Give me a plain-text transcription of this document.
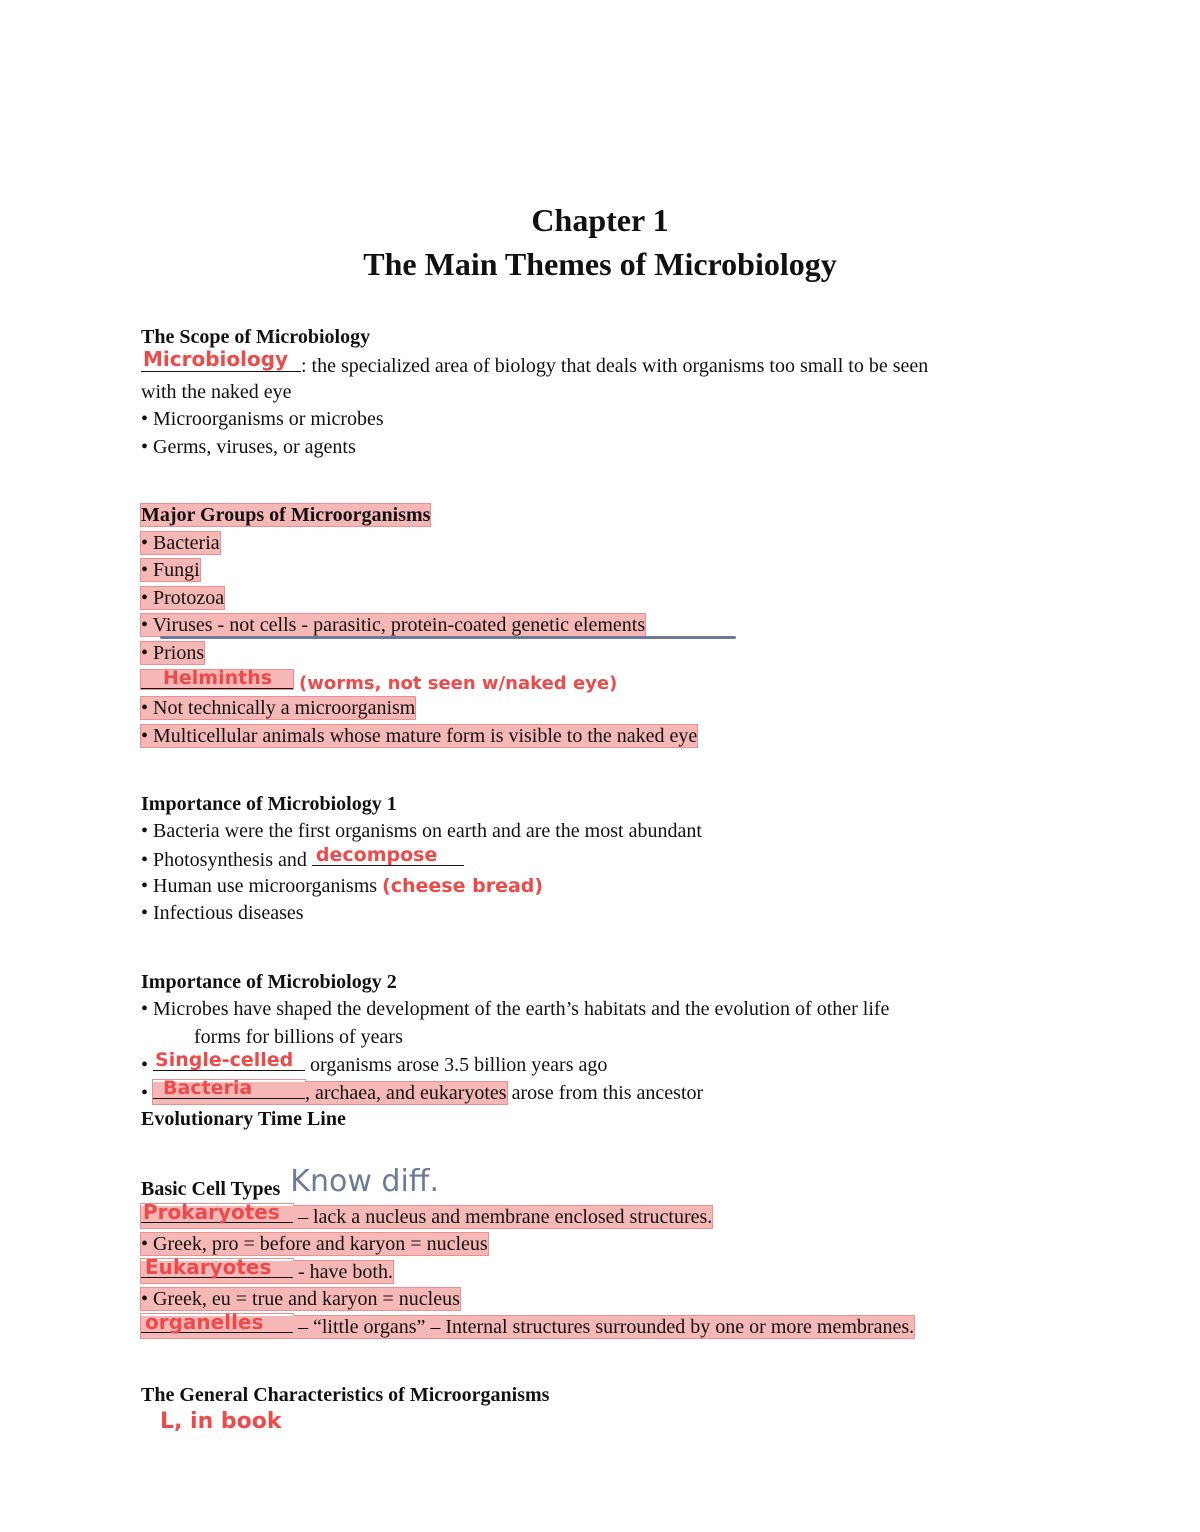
Chapter 1
The Main Themes of Microbiology
The Scope of Microbiology
Microbiology : the specialized area of biology that deals with organisms too small to be seen
with the naked eye
• Microorganisms or microbes
• Germs, viruses, or agents
Major Groups of Microorganisms
• Bacteria
• Fungi
• Protozoa
• Viruses - not cells - parasitic, protein-coated genetic elements
• Prions
Helminths (worms, not seen w/naked eye)
• Not technically a microorganism
• Multicellular animals whose mature form is visible to the naked eye
Importance of Microbiology 1
• Bacteria were the first organisms on earth and are the most abundant
• Photosynthesis and decompose
• Human use microorganisms (cheese bread)
• Infectious diseases
Importance of Microbiology 2
• Microbes have shaped the development of the earth’s habitats and the evolution of other life
forms for billions of years
• Single-celled organisms arose 3.5 billion years ago
• Bacteria	, archaea, and eukaryotes arose from this ancestor
Evolutionary Time Line
Basic Cell TypesKnow diff.
Prokaryotes – lack a nucleus and membrane enclosed structures.
• Greek, pro = before and karyon = nucleus
Eukaryotes - have both.
• Greek, eu = true and karyon = nucleus
organelles – “little organs” – Internal structures surrounded by one or more membranes.
The General Characteristics of Microorganisms
L, in book
